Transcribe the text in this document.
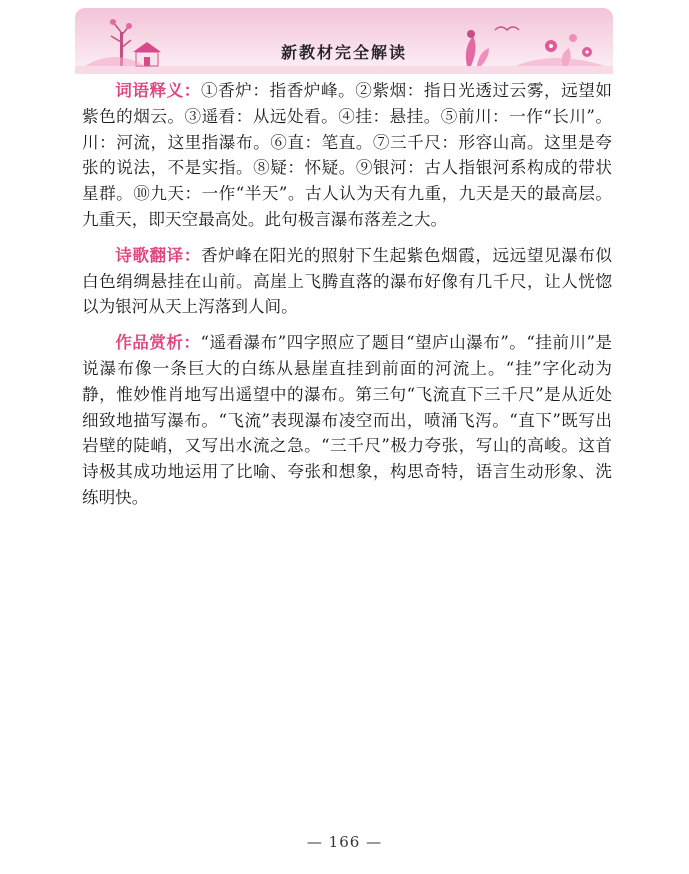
新教材完全解读

词语释义：①香炉：指香炉峰。②紫烟：指日光透过云雾，远望如紫色的烟云。③遥看：从远处看。④挂：悬挂。⑤前川：一作“长川”。川：河流，这里指瀑布。⑥直：笔直。⑦三千尺：形容山高。这里是夸张的说法，不是实指。⑧疑：怀疑。⑨银河：古人指银河系构成的带状星群。⑩九天：一作“半天”。古人认为天有九重，九天是天的最高层。九重天，即天空最高处。此句极言瀑布落差之大。

诗歌翻译：香炉峰在阳光的照射下生起紫色烟霞，远远望见瀑布似白色绢绸悬挂在山前。高崖上飞腾直落的瀑布好像有几千尺，让人恍惚以为银河从天上泻落到人间。

作品赏析：“遥看瀑布”四字照应了题目“望庐山瀑布”。“挂前川”是说瀑布像一条巨大的白练从悬崖直挂到前面的河流上。“挂”字化动为静，惟妙惟肖地写出遥望中的瀑布。第三句“飞流直下三千尺”是从近处细致地描写瀑布。“飞流”表现瀑布凌空而出，喷涌飞泻。“直下”既写出岩壁的陡峭，又写出水流之急。“三千尺”极力夸张，写山的高峻。这首诗极其成功地运用了比喻、夸张和想象，构思奇特，语言生动形象、洗练明快。

— 166 —
